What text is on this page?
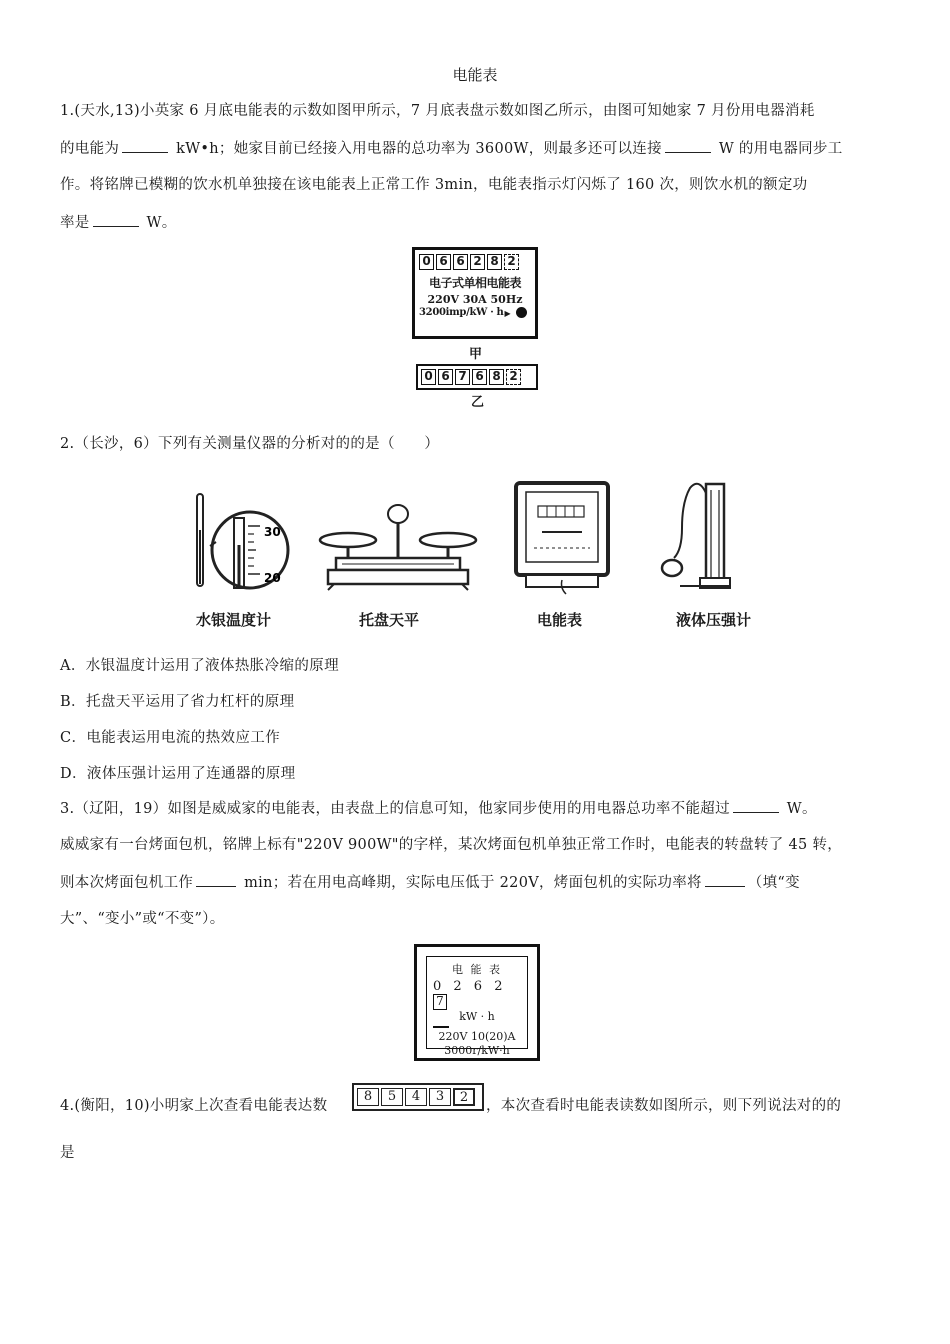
电能表
1.(天水,13)小英家 6 月底电能表的示数如图甲所示，7 月底表盘示数如图乙所示，由图可知她家 7 月份用电器消耗
的电能为	kW•h；她家目前已经接入用电器的总功率为 3600W，则最多还可以连接	W 的用电器同步工
作。将铭牌已模糊的饮水机单独接在该电能表上正常工作 3min，电能表指示灯闪烁了 160 次，则饮水机的额定功
率是	W。
0 6 6 2 8 2
电子式单相电能表
220V 30A 50Hz
3200imp/kW · h ▶
甲
0 6 7 6 8 2
乙
2.（长沙，6）下列有关测量仪器的分析对的的是（　　）
30
20
水银温度计	托盘天平	电能表	液体压强计
A．水银温度计运用了液体热胀冷缩的原理
B．托盘天平运用了省力杠杆的原理
C．电能表运用电流的热效应工作
D．液体压强计运用了连通器的原理
3.（辽阳，19）如图是威威家的电能表，由表盘上的信息可知，他家同步使用的用电器总功率不能超过	W。
威威家有一台烤面包机，铭牌上标有"220V 900W"的字样，某次烤面包机单独正常工作时，电能表的转盘转了 45 转，
则本次烤面包机工作	min；若在用电高峰期，实际电压低于 220V，烤面包机的实际功率将	（填“变
大”、“变小”或“不变”）。
电 能 表
0 2 6 2 7
kW · h
220V 10(20)A
3000r/kW·h
4.(衡阳，10)小明家上次查看电能表达数
8	5	4	3	2
，本次查看时电能表读数如图所示，则下列说法对的的
是
